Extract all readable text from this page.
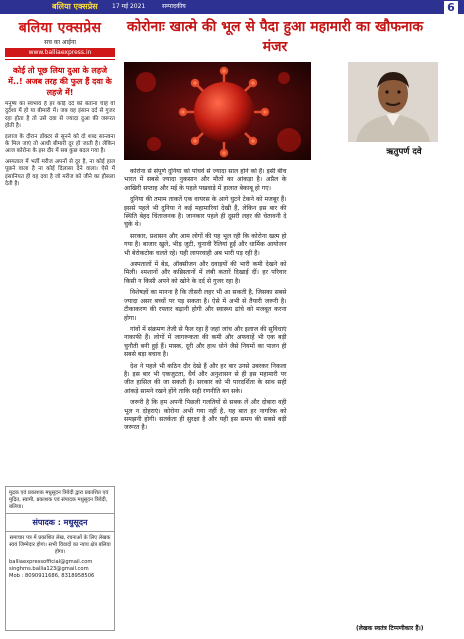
बलिया एक्सप्रेस 17 मई 2021	सम्पादकीय	6
बलिया एक्सप्रेस
सच का आईना
www.balliaexpress.in
कोई तो पूछ लिया दुआ के लहजे में..! अजब तरह की फुल हैं दवा के लहजे में!

मनुष्य का स्वभाव है हर कोई दर्द को बताना चाहे वो दुर्दशा में हो या बीमारी में। जब वह इंसान दर्द से गुजर रहा होता है तो उसे दवा से ज्यादा दुआ की जरूरत होती है।

इलाज के दौरान डॉक्टर से सुनने को दो शब्द सान्त्वना के मिल जाएं तो आधी बीमारी दूर हो जाती है। लेकिन आज कोरोना के इस दौर में सब कुछ बदल गया है।

अस्पताल में भर्ती मरीज अपनों से दूर है, ना कोई हाल पूछने वाला है ना कोई दिलासा देने वाला। ऐसे में इंसानियत ही वह दवा है जो मरीज को जीने का हौसला देती है।

मुद्रक एवं प्रकाशक मधुसूदन त्रिवेदी द्वारा प्रकाशित एवं मुद्रित, स्वामी, प्रकाशक एवं संपादक मधुसूदन त्रिवेदी, बलिया।
संपादक : मधुसूदन
समाचार पत्र में प्रकाशित लेख, रचनाओं के लिए लेखक स्वयं जिम्मेदार होगा। सभी विवादों का न्याय क्षेत्र बलिया होगा।
balliaexpressofficial@gmail.com
singhms.ballia123@gmail.com
Mob : 8090911686, 8318958506
कोरोनाः खात्मे की भूल से पैदा हुआ महामारी का खौफनाक मंजर
ऋतुपर्ण दवे

कोरोना से संपूर्ण दुनिया को पांचवें से ज्यादा साल होने को हैं। इसी बीच भारत में सबसे ज्यादा नुकसान और मौतों का आंकड़ा है। अप्रैल के आखिरी सप्ताह और मई के पहले पखवाड़े में हालात बेकाबू हो गए।

दुनिया की तमाम ताकतें एक वायरस के आगे घुटने टेकने को मजबूर हैं। इससे पहले भी दुनिया ने कई महामारियां देखी हैं, लेकिन इस बार की स्थिति बेहद चिंताजनक है। जानकार पहले ही दूसरी लहर की चेतावनी दे चुके थे।

सरकार, प्रशासन और आम लोगों की यह भूल रही कि कोरोना खत्म हो गया है। बाजार खुले, भीड़ जुटी, चुनावी रैलियां हुईं और धार्मिक आयोजन भी बेरोकटोक चलते रहे। यही लापरवाही अब भारी पड़ रही है।

अस्पतालों में बेड, ऑक्सीजन और दवाइयों की भारी कमी देखने को मिली। श्मशानों और कब्रिस्तानों में लंबी कतारें दिखाई दीं। हर परिवार किसी न किसी अपने को खोने के दर्द से गुजर रहा है।

विशेषज्ञों का मानना है कि तीसरी लहर भी आ सकती है, जिसका सबसे ज्यादा असर बच्चों पर पड़ सकता है। ऐसे में अभी से तैयारी जरूरी है। टीकाकरण की रफ्तार बढ़ानी होगी और स्वास्थ्य ढांचे को मजबूत करना होगा।

गांवों में संक्रमण तेजी से फैल रहा है जहां जांच और इलाज की सुविधाएं नाकाफी हैं। लोगों में जागरूकता की कमी और अफवाहें भी एक बड़ी चुनौती बनी हुई हैं। मास्क, दूरी और हाथ धोने जैसे नियमों का पालन ही सबसे बड़ा बचाव है।

देश ने पहले भी कठिन दौर देखे हैं और हर बार उनसे उबरकर निकला है। इस बार भी एकजुटता, धैर्य और अनुशासन से ही इस महामारी पर जीत हासिल की जा सकती है। सरकार को भी पारदर्शिता के साथ सही आंकड़े सामने रखने होंगे ताकि सही रणनीति बन सके।

जरूरी है कि हम अपनी पिछली गलतियों से सबक लें और दोबारा वही भूल न दोहराएं। कोरोना अभी गया नहीं है, यह बात हर नागरिक को समझनी होगी। सतर्कता ही सुरक्षा है और यही इस समय की सबसे बड़ी जरूरत है।

(लेखक स्वतंत्र टिप्पणीकार हैं।)
